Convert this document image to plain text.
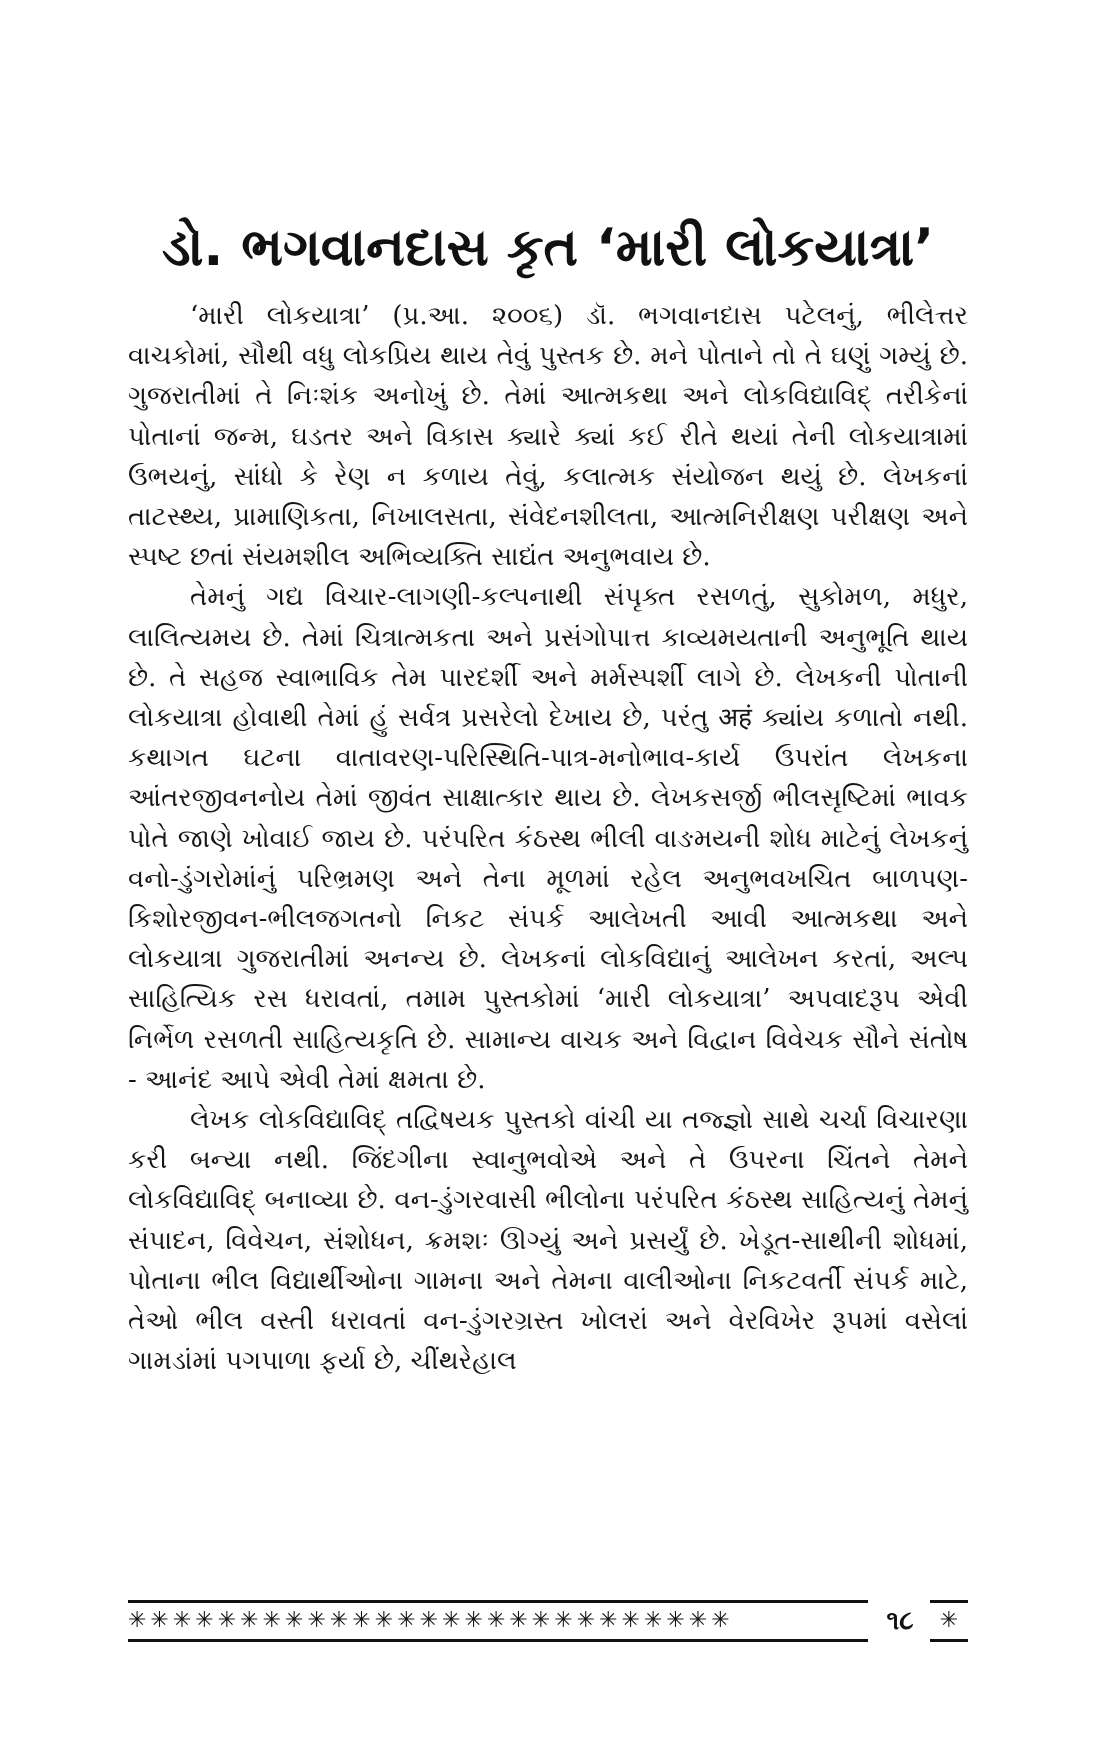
ડો. ભગવાનદાસ કૃત ‘મારી લોકયાત્રા’

‘મારી લોકયાત્રા’ (પ્ર.આ. ૨૦૦૬) ડૉ. ભગવાનદાસ પટેલનું, ભીલેત્તર વાચકોમાં, સૌથી વધુ લોકપ્રિય થાય તેવું પુસ્તક છે. મને પોતાને તો તે ઘણું ગમ્યું છે. ગુજરાતીમાં તે નિઃશંક અનોખું છે. તેમાં આત્મકથા અને લોકવિદ્યાવિદ્ તરીકેનાં પોતાનાં જન્મ, ઘડતર અને વિકાસ ક્યારે ક્યાં કઈ રીતે થયાં તેની લોકયાત્રામાં ઉભયનું, સાંધો કે રેણ ન કળાય તેવું, કલાત્મક સંયોજન થયું છે. લેખકનાં તાટસ્થ્ય, પ્રામાણિકતા, નિખાલસતા, સંવેદનશીલતા, આત્મનિરીક્ષણ પરીક્ષણ અને સ્પષ્ટ છતાં સંયમશીલ અભિવ્યક્તિ સાદ્યંત અનુભવાય છે.

તેમનું ગદ્ય વિચાર-લાગણી-કલ્પનાથી સંપૃક્ત રસળતું, સુકોમળ, મધુર, લાલિત્યમય છે. તેમાં ચિત્રાત્મકતા અને પ્રસંગોપાત્ત કાવ્યમયતાની અનુભૂતિ થાય છે. તે સહજ સ્વાભાવિક તેમ પારદર્શી અને મર્મસ્પર્શી લાગે છે. લેખકની પોતાની લોકયાત્રા હોવાથી તેમાં હું સર્વત્ર પ્રસરેલો દેખાય છે, પરંતુ अहं ક્યાંય કળાતો નથી. કથાગત ઘટના વાતાવરણ-પરિસ્થિતિ-પાત્ર-મનોભાવ-કાર્ય ઉપરાંત લેખકના આંતરજીવનનોય તેમાં જીવંત સાક્ષાત્કાર થાય છે. લેખકસર્જી ભીલસૃષ્ટિમાં ભાવક પોતે જાણે ખોવાઈ જાય છે. પરંપરિત કંઠસ્થ ભીલી વાઙમયની શોધ માટેનું લેખકનું વનો-ડુંગરોમાંનું પરિભ્રમણ અને તેના મૂળમાં રહેલ અનુભવખચિત બાળપણ-કિશોરજીવન-ભીલજગતનો નિકટ સંપર્ક આલેખતી આવી આત્મકથા અને લોકયાત્રા ગુજરાતીમાં અનન્ય છે. લેખકનાં લોકવિદ્યાનું આલેખન કરતાં, અલ્પ સાહિત્યિક રસ ધરાવતાં, તમામ પુસ્તકોમાં ‘મારી લોકયાત્રા’ અપવાદરૂપ એવી નિર્ભેળ રસળતી સાહિત્યકૃતિ છે. સામાન્ય વાચક અને વિદ્વાન વિવેચક સૌને સંતોષ - આનંદ આપે એવી તેમાં ક્ષમતા છે.

લેખક લોકવિદ્યાવિદ્ તદ્વિષયક પુસ્તકો વાંચી યા તજ્જ્ઞો સાથે ચર્ચા વિચારણા કરી બન્યા નથી. જિંદગીના સ્વાનુભવોએ અને તે ઉપરના ચિંતને તેમને લોકવિદ્યાવિદ્ બનાવ્યા છે. વન-ડુંગરવાસી ભીલોના પરંપરિત કંઠસ્થ સાહિત્યનું તેમનું સંપાદન, વિવેચન, સંશોધન, ક્રમશઃ ઊગ્યું અને પ્રસર્યું છે. ખેડૂત-સાથીની શોધમાં, પોતાના ભીલ વિદ્યાર્થીઓના ગામના અને તેમના વાલીઓના નિકટવર્તી સંપર્ક માટે, તેઓ ભીલ વસ્તી ધરાવતાં વન-ડુંગરગ્રસ્ત ખોલરાં અને વેરવિખેર રૂપમાં વસેલાં ગામડાંમાં પગપાળા ફર્યા છે, ચીંથરેહાલ

✳✳✳✳✳✳✳✳✳✳✳✳✳✳✳✳✳✳✳✳✳✳✳✳✳✳✳	૧૮	✳
